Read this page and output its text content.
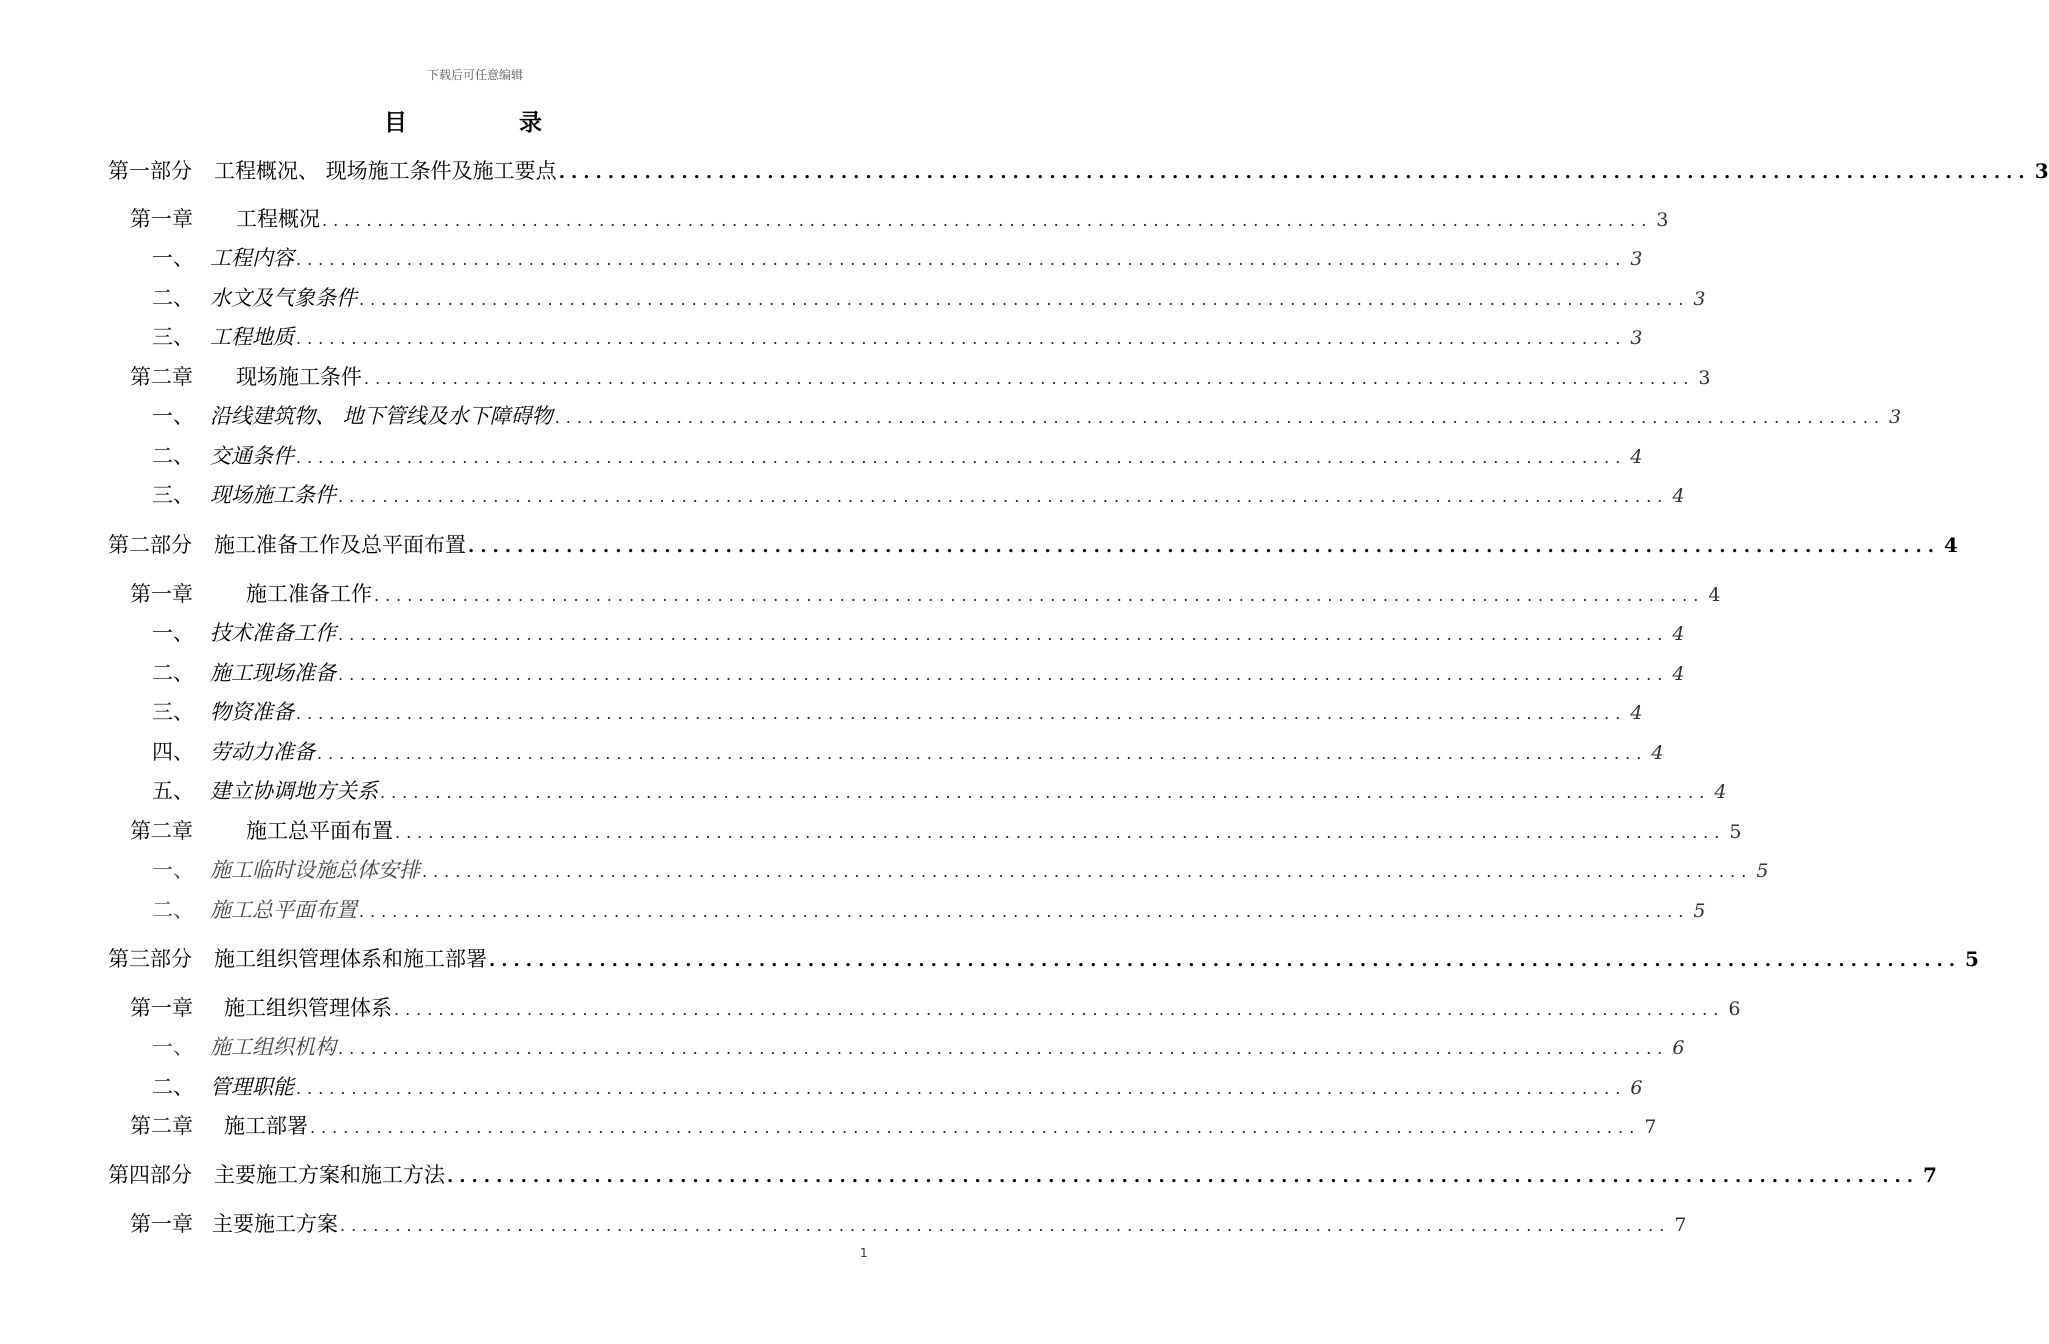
下载后可任意编辑
目 录
第一部分	工程概况、 现场施工条件及施工要点 ........................................................................................................................ 3
第一章	工程概况 ........................................................................................................................ 3
一、 工程内容 ........................................................................................................................ 3
二、 水文及气象条件 ........................................................................................................................ 3
三、 工程地质 ........................................................................................................................ 3
第二章	现场施工条件 ........................................................................................................................ 3
一、 沿线建筑物、 地下管线及水下障碍物 ........................................................................................................................ 3
二、 交通条件 ........................................................................................................................ 4
三、 现场施工条件 ........................................................................................................................ 4
第二部分	施工准备工作及总平面布置 ........................................................................................................................ 4
第一章	施工准备工作 ........................................................................................................................ 4
一、 技术准备工作 ........................................................................................................................ 4
二、 施工现场准备 ........................................................................................................................ 4
三、 物资准备 ........................................................................................................................ 4
四、 劳动力准备 ........................................................................................................................ 4
五、 建立协调地方关系 ........................................................................................................................ 4
第二章	施工总平面布置 ........................................................................................................................ 5
一、 施工临时设施总体安排 ........................................................................................................................ 5
二、 施工总平面布置 ........................................................................................................................ 5
第三部分	施工组织管理体系和施工部署 ........................................................................................................................ 5
第一章	施工组织管理体系 ........................................................................................................................ 6
一、 施工组织机构 ........................................................................................................................ 6
二、 管理职能 ........................................................................................................................ 6
第二章	施工部署 ........................................................................................................................ 7
第四部分	主要施工方案和施工方法 ........................................................................................................................ 7
第一章 主要施工方案 ........................................................................................................................ 7
1
